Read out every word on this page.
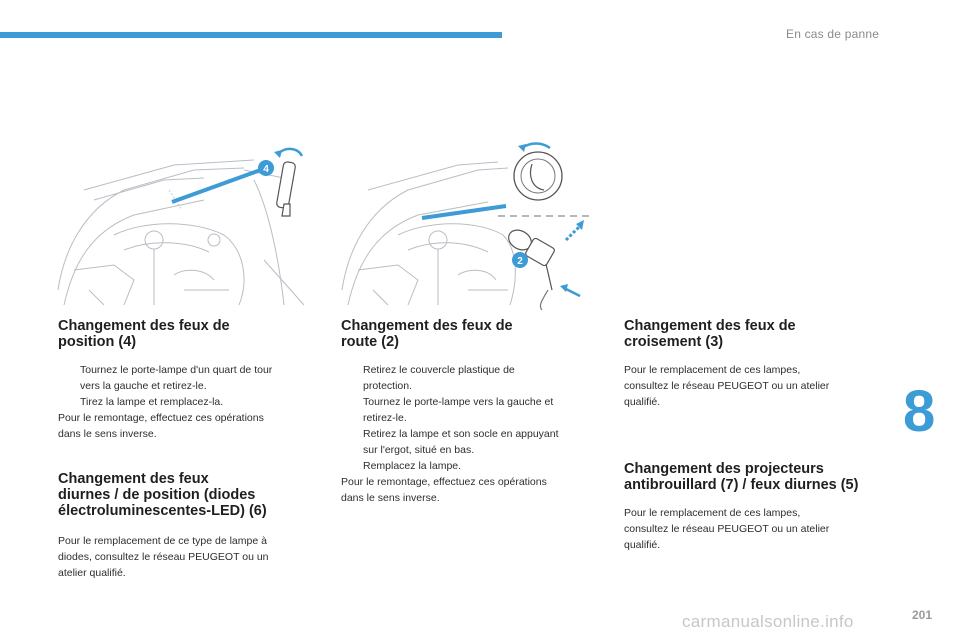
En cas de panne
4
2
Changement des feux de
position (4)
Tournez le porte-lampe d'un quart de tour
vers la gauche et retirez-le.
Tirez la lampe et remplacez-la.
Pour le remontage, effectuez ces opérations
dans le sens inverse.
Changement des feux
diurnes / de position (diodes
électroluminescentes-LED) (6)
Pour le remplacement de ce type de lampe à
diodes, consultez le réseau PEUGEOT ou un
atelier qualifié.
Changement des feux de
route (2)
Retirez le couvercle plastique de
protection.
Tournez le porte-lampe vers la gauche et
retirez-le.
Retirez la lampe et son socle en appuyant
sur l'ergot, situé en bas.
Remplacez la lampe.
Pour le remontage, effectuez ces opérations
dans le sens inverse.
Changement des feux de
croisement (3)
Pour le remplacement de ces lampes,
consultez le réseau PEUGEOT ou un atelier
qualifié.
Changement des projecteurs
antibrouillard (7) / feux diurnes (5)
Pour le remplacement de ces lampes,
consultez le réseau PEUGEOT ou un atelier
qualifié.
8
carmanualsonline.info	201
